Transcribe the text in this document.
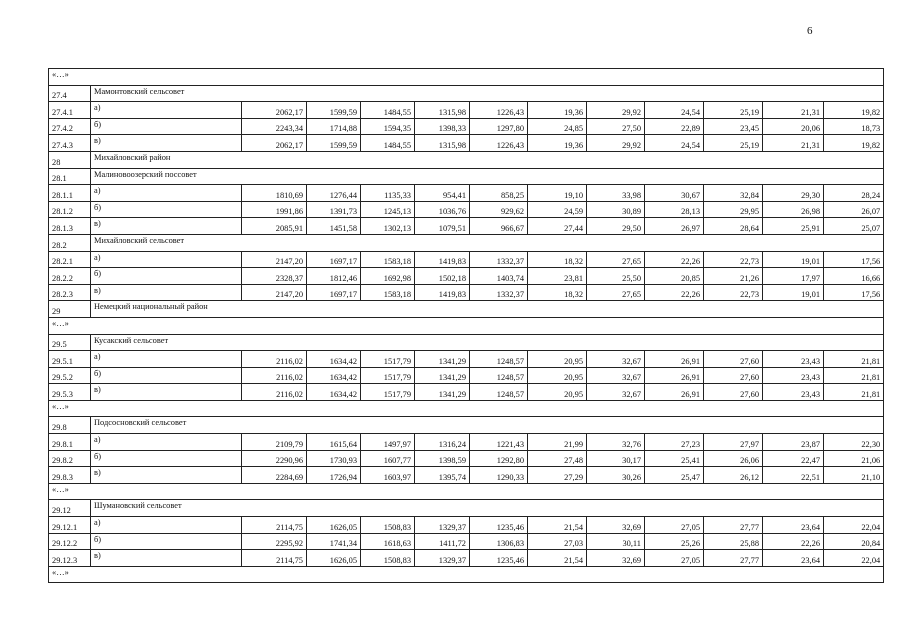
6
«…»												
27.4	Мамонтовский сельсовет											
27.4.1	а)	2062,17	1599,59	1484,55	1315,98	1226,43	19,36	29,92	24,54	25,19	21,31	19,82
27.4.2	б)	2243,34	1714,88	1594,35	1398,33	1297,80	24,85	27,50	22,89	23,45	20,06	18,73
27.4.3	в)	2062,17	1599,59	1484,55	1315,98	1226,43	19,36	29,92	24,54	25,19	21,31	19,82
28	Михайловский район											
28.1	Малиновоозерский поссовет											
28.1.1	а)	1810,69	1276,44	1135,33	954,41	858,25	19,10	33,98	30,67	32,84	29,30	28,24
28.1.2	б)	1991,86	1391,73	1245,13	1036,76	929,62	24,59	30,89	28,13	29,95	26,98	26,07
28.1.3	в)	2085,91	1451,58	1302,13	1079,51	966,67	27,44	29,50	26,97	28,64	25,91	25,07
28.2	Михайловский сельсовет											
28.2.1	а)	2147,20	1697,17	1583,18	1419,83	1332,37	18,32	27,65	22,26	22,73	19,01	17,56
28.2.2	б)	2328,37	1812,46	1692,98	1502,18	1403,74	23,81	25,50	20,85	21,26	17,97	16,66
28.2.3	в)	2147,20	1697,17	1583,18	1419,83	1332,37	18,32	27,65	22,26	22,73	19,01	17,56
29	Немецкий национальный район											
«…»												
29.5	Кусакский сельсовет											
29.5.1	а)	2116,02	1634,42	1517,79	1341,29	1248,57	20,95	32,67	26,91	27,60	23,43	21,81
29.5.2	б)	2116,02	1634,42	1517,79	1341,29	1248,57	20,95	32,67	26,91	27,60	23,43	21,81
29.5.3	в)	2116,02	1634,42	1517,79	1341,29	1248,57	20,95	32,67	26,91	27,60	23,43	21,81
«…»												
29.8	Подсосновский сельсовет											
29.8.1	а)	2109,79	1615,64	1497,97	1316,24	1221,43	21,99	32,76	27,23	27,97	23,87	22,30
29.8.2	б)	2290,96	1730,93	1607,77	1398,59	1292,80	27,48	30,17	25,41	26,06	22,47	21,06
29.8.3	в)	2284,69	1726,94	1603,97	1395,74	1290,33	27,29	30,26	25,47	26,12	22,51	21,10
«…»												
29.12	Шумановский сельсовет											
29.12.1	а)	2114,75	1626,05	1508,83	1329,37	1235,46	21,54	32,69	27,05	27,77	23,64	22,04
29.12.2	б)	2295,92	1741,34	1618,63	1411,72	1306,83	27,03	30,11	25,26	25,88	22,26	20,84
29.12.3	в)	2114,75	1626,05	1508,83	1329,37	1235,46	21,54	32,69	27,05	27,77	23,64	22,04
«…»												
